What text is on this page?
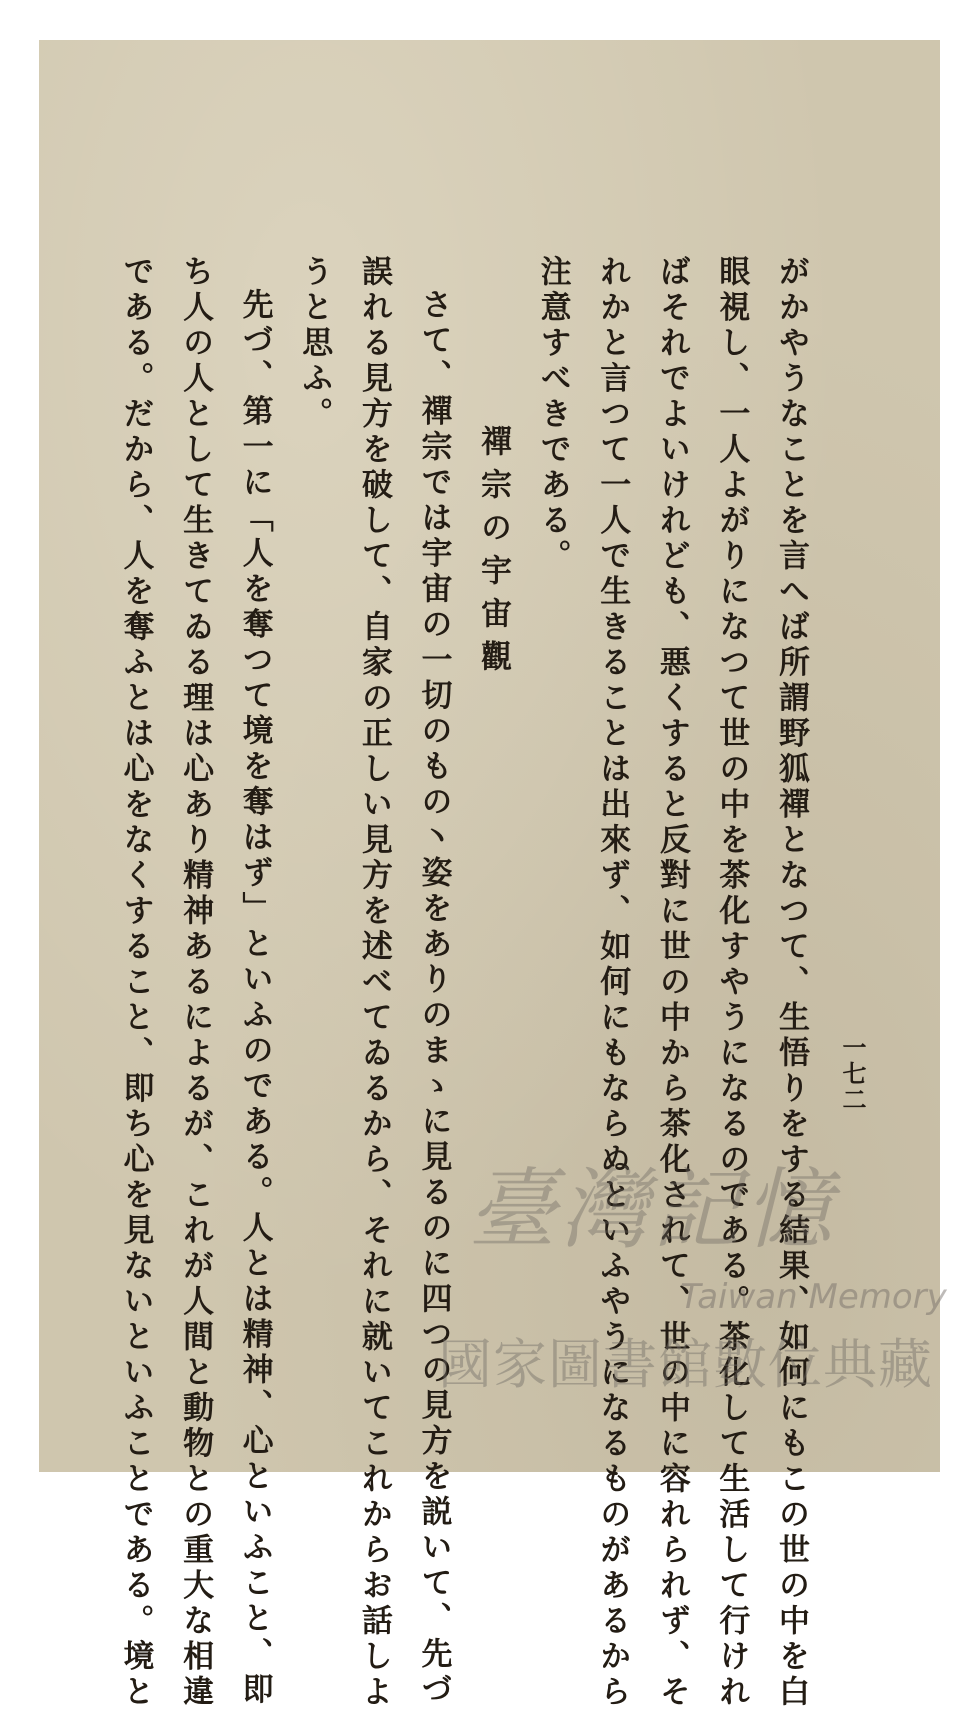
一七二
がかやうなことを言へば所謂野狐禪となつて、生悟りをする結果、如何にもこの世の中を白
眼視し、一人よがりになつて世の中を茶化すやうになるのである。茶化して生活して行けれ
ばそれでよいけれども、悪くすると反對に世の中から茶化されて、世の中に容れられず、そ
れかと言つて一人で生きることは出來ず、如何にもならぬといふやうになるものがあるから
注意すべきである。
禪宗の宇宙觀
さて、禪宗では宇宙の一切のもの丶姿をありのまゝに見るのに四つの見方を説いて、先づ
誤れる見方を破して、自家の正しい見方を述べてゐるから、それに就いてこれからお話しよ
うと思ふ。
先づ、第一に「人を奪つて境を奪はず」といふのである。人とは精神、心といふこと、即
ち人の人として生きてゐる理は心あり精神あるによるが、これが人間と動物との重大な相違
である。だから、人を奪ふとは心をなくすること、即ち心を見ないといふことである。境と	臺灣記憶
Taiwan Memory
國家圖書館數位典藏
